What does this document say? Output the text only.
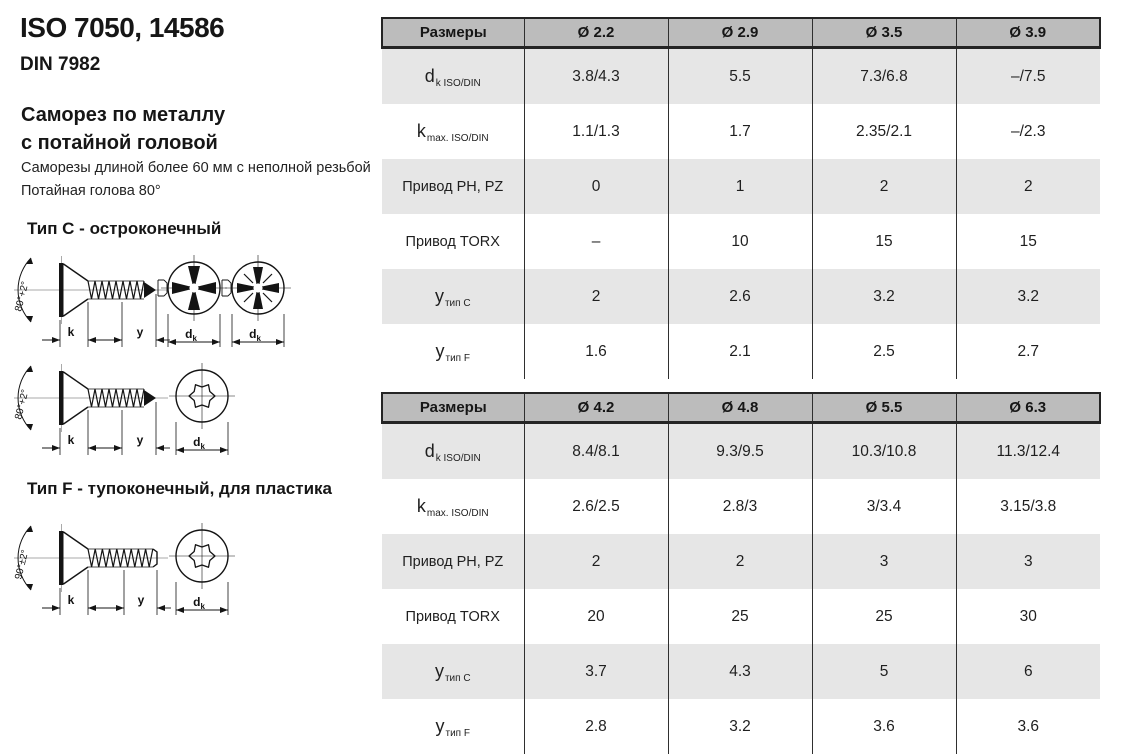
ISO 7050, 14586
DIN 7982
Саморез по металлу
с потайной головой
Саморезы длиной более 60 мм с неполной резьбой
Потайная голова 80°
Тип C - остроконечный
80°+2°
k	y	$d_k$	$d_k$
80°+2°
k	y	$d_k$
Тип F - тупоконечный, для пластика
90°±2°
k	y	$d_k$
Размеры	Ø 2.2	Ø 2.9	Ø 3.5	Ø 3.9
$d_{k ISO/DIN}$	3.8/4.3	5.5	7.3/6.8	–/7.5
$k_{max. ISO/DIN}$	1.1/1.3	1.7	2.35/2.1	–/2.3
Привод PH, PZ	0	1	2	2
Привод TORX	–	10	15	15
$y_{тип C}$	2	2.6	3.2	3.2
$y_{тип F}$	1.6	2.1	2.5	2.7
Размеры	Ø 4.2	Ø 4.8	Ø 5.5	Ø 6.3
$d_{k ISO/DIN}$	8.4/8.1	9.3/9.5	10.3/10.8	11.3/12.4
$k_{max. ISO/DIN}$	2.6/2.5	2.8/3	3/3.4	3.15/3.8
Привод PH, PZ	2	2	3	3
Привод TORX	20	25	25	30
$y_{тип C}$	3.7	4.3	5	6
$y_{тип F}$	2.8	3.2	3.6	3.6
